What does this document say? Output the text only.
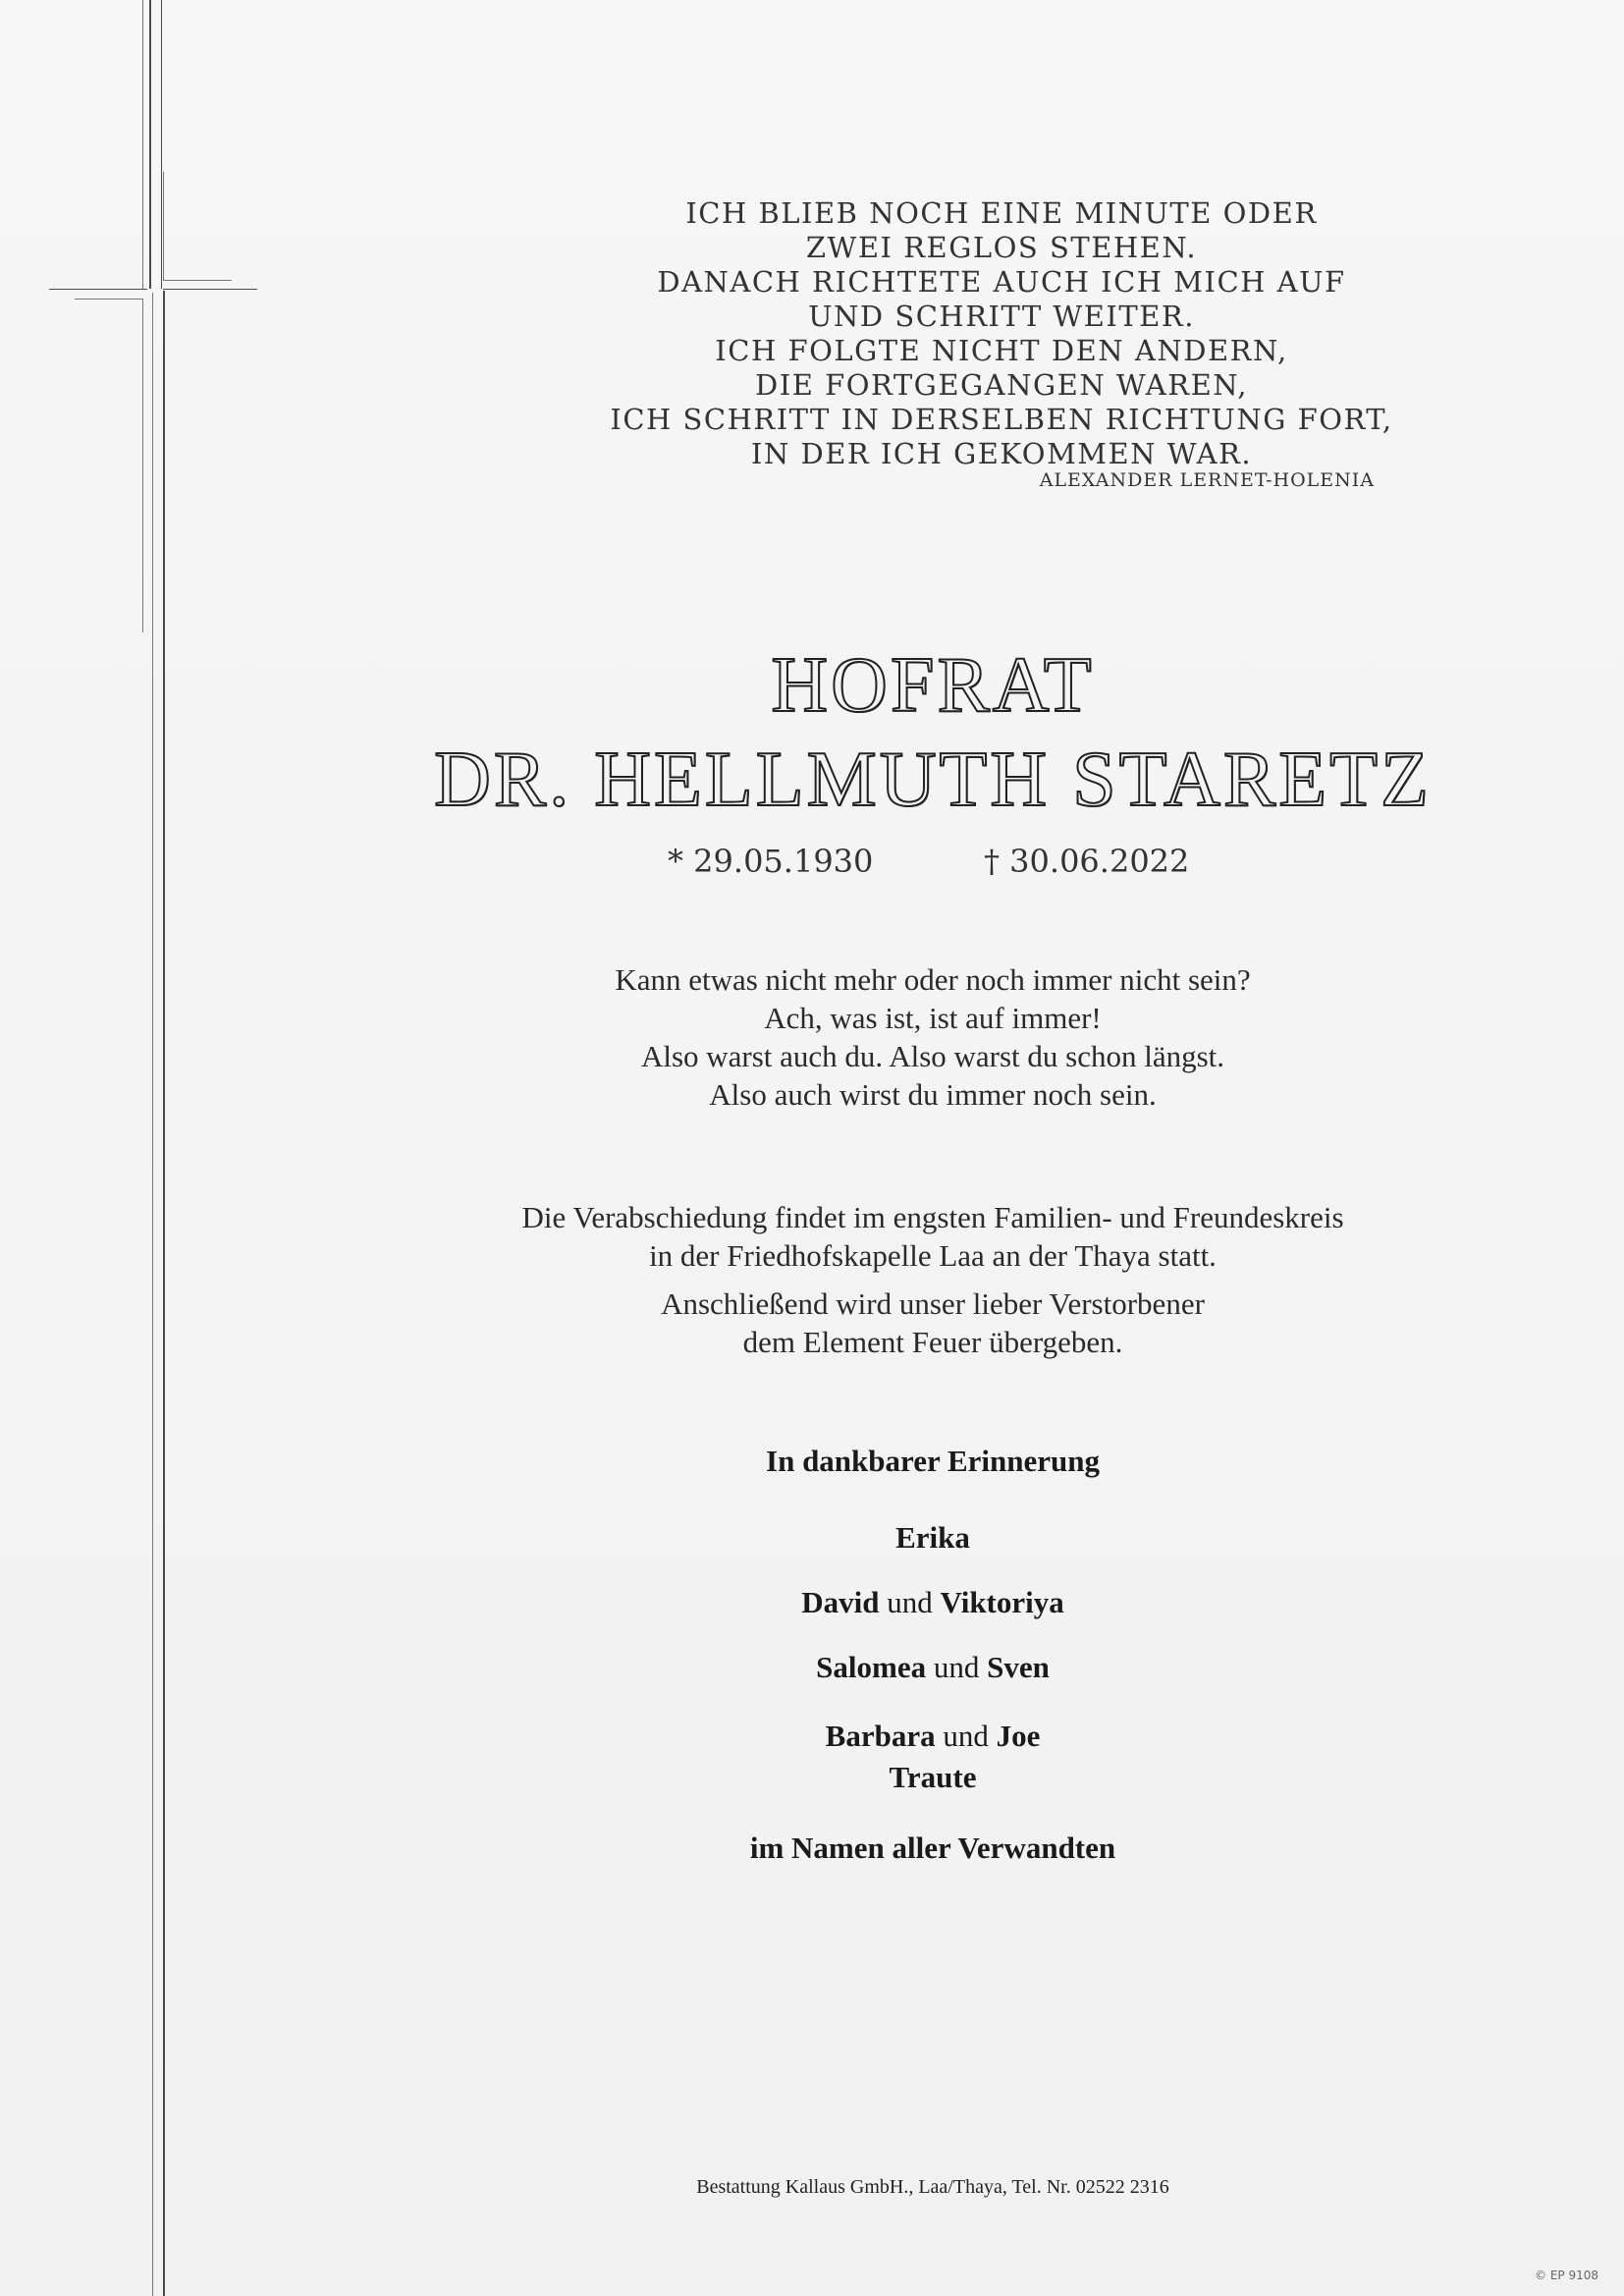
ICH BLIEB NOCH EINE MINUTE ODER
ZWEI REGLOS STEHEN.
DANACH RICHTETE AUCH ICH MICH AUF
UND SCHRITT WEITER.
ICH FOLGTE NICHT DEN ANDERN,
DIE FORTGEGANGEN WAREN,
ICH SCHRITT IN DERSELBEN RICHTUNG FORT,
IN DER ICH GEKOMMEN WAR.
ALEXANDER LERNET-HOLENIA
HOFRAT
DR. HELLMUTH STARETZ
* 29.05.1930	† 30.06.2022
Kann etwas nicht mehr oder noch immer nicht sein?
Ach, was ist, ist auf immer!
Also warst auch du. Also warst du schon längst.
Also auch wirst du immer noch sein.
Die Verabschiedung findet im engsten Familien- und Freundeskreis
in der Friedhofskapelle Laa an der Thaya statt.
Anschließend wird unser lieber Verstorbener
dem Element Feuer übergeben.
In dankbarer Erinnerung
Erika
David und Viktoriya
Salomea und Sven
Barbara und Joe
Traute
im Namen aller Verwandten
Bestattung Kallaus GmbH., Laa/Thaya, Tel. Nr. 02522 2316
© EP 9108
